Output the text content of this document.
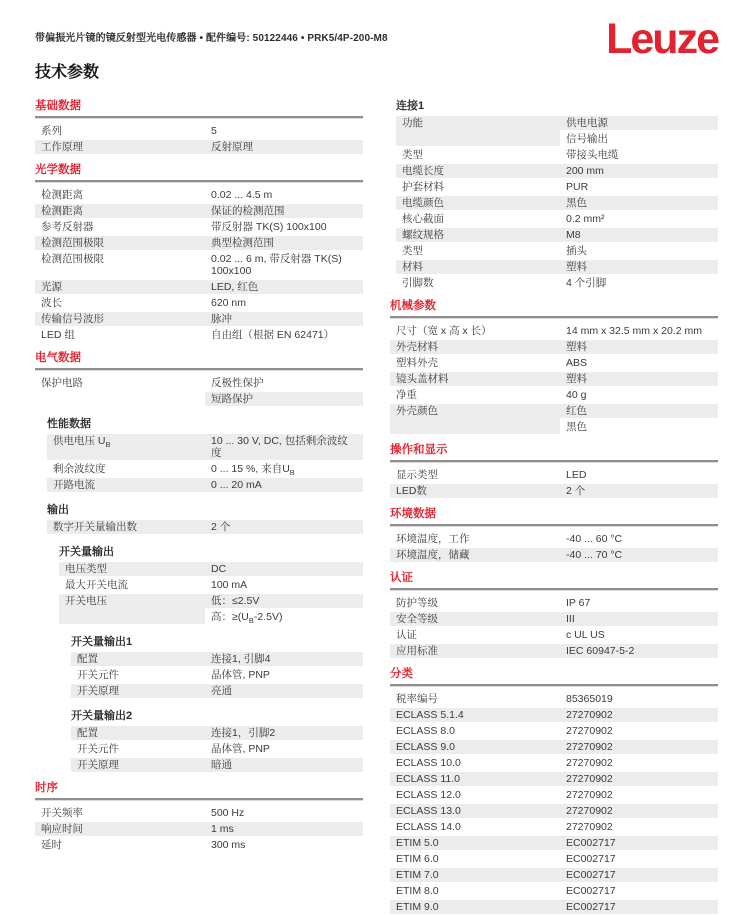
带偏振光片镜的镜反射型光电传感器 • 配件编号: 50122446 • PRK5/4P-200-M8
技术参数
Leuze
基础数据
系列	5
工作原理	反射原理
光学数据
检测距离	0.02 ... 4.5 m
检测距离	保证的检测范围
参考反射器	带反射器 TK(S) 100x100
检测范围极限	典型检测范围
检测范围极限	0.02 ... 6 m, 带反射器 TK(S) 100x100
光源	LED, 红色
波长	620 nm
传输信号波形	脉冲
LED 组	自由组（根据 EN 62471）
电气数据
保护电路	反极性保护
短路保护
性能数据
供电电压 $U_B$	10 ... 30 V, DC, 包括剩余波纹度
剩余波纹度	0 ... 15 %, 来自$U_B$
开路电流	0 ... 20 mA
输出
数字开关量输出数	2 个
开关量输出
电压类型	DC
最大开关电流	100 mA
开关电压	低：≤2.5V
高：$\ge(U_B-2.5V)$
开关量输出1
配置	连接1, 引脚4
开关元件	晶体管, PNP
开关原理	亮通
开关量输出2
配置	连接1，引脚2
开关元件	晶体管, PNP
开关原理	暗通
时序
开关频率	500 Hz
响应时间	1 ms
延时	300 ms
连接1
功能	供电电源
信号输出
类型	带接头电缆
电缆长度	200 mm
护套材料	PUR
电缆颜色	黑色
核心截面	0.2 mm²
螺纹规格	M8
类型	插头
材料	塑料
引脚数	4 个引脚
机械参数
尺寸（宽 x 高 x 长）	14 mm x 32.5 mm x 20.2 mm
外壳材料	塑料
塑料外壳	ABS
镜头盖材料	塑料
净重	40 g
外壳颜色	红色
黑色
操作和显示
显示类型	LED
LED数	2 个
环境数据
环境温度，工作	-40 ... 60 °C
环境温度，储藏	-40 ... 70 °C
认证
防护等级	IP 67
安全等级	III
认证	c UL US
应用标准	IEC 60947-5-2
分类
税率编号	85365019
ECLASS 5.1.4	27270902
ECLASS 8.0	27270902
ECLASS 9.0	27270902
ECLASS 10.0	27270902
ECLASS 11.0	27270902
ECLASS 12.0	27270902
ECLASS 13.0	27270902
ECLASS 14.0	27270902
ETIM 5.0	EC002717
ETIM 6.0	EC002717
ETIM 7.0	EC002717
ETIM 8.0	EC002717
ETIM 9.0	EC002717
